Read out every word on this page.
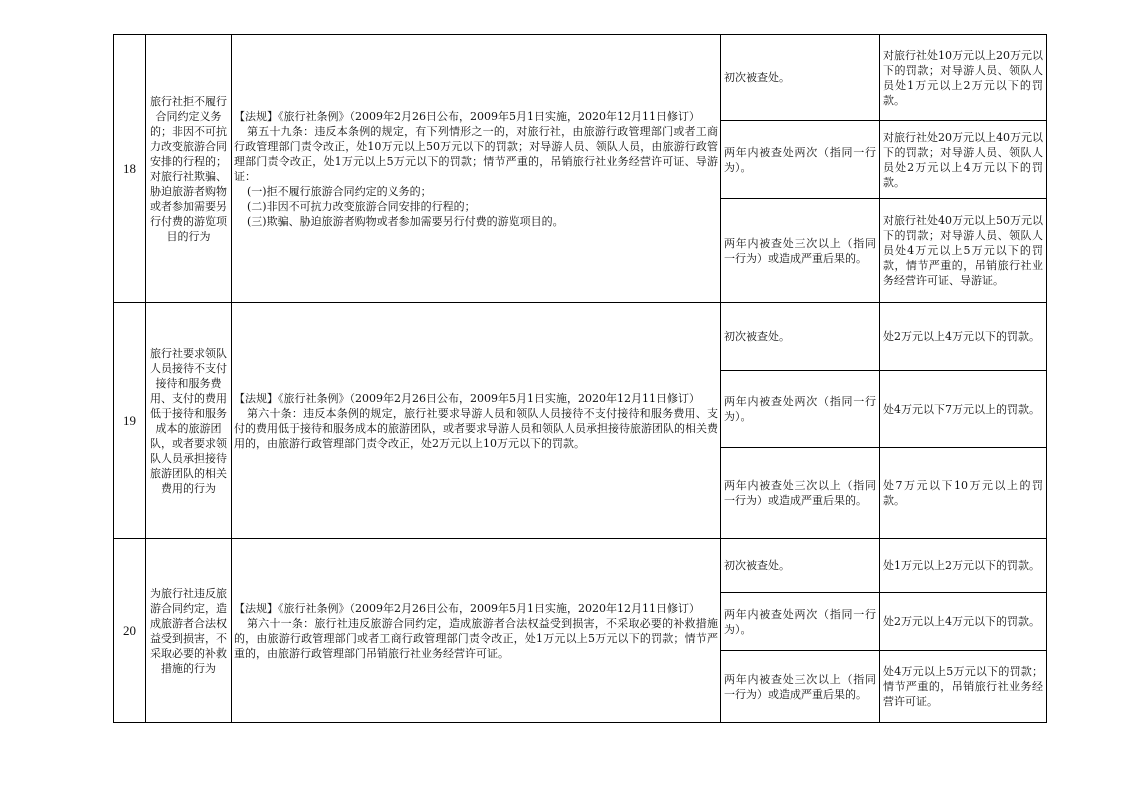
18	旅行社拒不履行合同约定义务的；非因不可抗力改变旅游合同安排的行程的；对旅行社欺骗、胁迫旅游者购物或者参加需要另行付费的游览项目的行为	【法规】《旅行社条例》（2009年2月26日公布，2009年5月1日实施，2020年12月11日修订）

第五十九条：违反本条例的规定，有下列情形之一的，对旅行社，由旅游行政管理部门或者工商行政管理部门责令改正，处10万元以上50万元以下的罚款；对导游人员、领队人员，由旅游行政管理部门责令改正，处1万元以上5万元以下的罚款；情节严重的，吊销旅行社业务经营许可证、导游证：

(一)拒不履行旅游合同约定的义务的；

(二)非因不可抗力改变旅游合同安排的行程的；

(三)欺骗、胁迫旅游者购物或者参加需要另行付费的游览项目的。	初次被查处。	对旅行社处10万元以上20万元以下的罚款；对导游人员、领队人员处1万元以上2万元以下的罚款。
			两年内被查处两次（指同一行为）。	对旅行社处20万元以上40万元以下的罚款；对导游人员、领队人员处2万元以上4万元以下的罚款。
			两年内被查处三次以上（指同一行为）或造成严重后果的。	对旅行社处40万元以上50万元以下的罚款；对导游人员、领队人员处4万元以上5万元以下的罚款，情节严重的，吊销旅行社业务经营许可证、导游证。
19	旅行社要求领队人员接待不支付接待和服务费用、支付的费用低于接待和服务成本的旅游团队，或者要求领队人员承担接待旅游团队的相关费用的行为	【法规】《旅行社条例》（2009年2月26日公布，2009年5月1日实施，2020年12月11日修订）

第六十条：违反本条例的规定，旅行社要求导游人员和领队人员接待不支付接待和服务费用、支付的费用低于接待和服务成本的旅游团队，或者要求导游人员和领队人员承担接待旅游团队的相关费用的，由旅游行政管理部门责令改正，处2万元以上10万元以下的罚款。	初次被查处。	处2万元以上4万元以下的罚款。
			两年内被查处两次（指同一行为）。	处4万元以下7万元以上的罚款。
			两年内被查处三次以上（指同一行为）或造成严重后果的。	处7万元以下10万元以上的罚款。
20	为旅行社违反旅游合同约定，造成旅游者合法权益受到损害，不采取必要的补救措施的行为	【法规】《旅行社条例》（2009年2月26日公布，2009年5月1日实施，2020年12月11日修订）

第六十一条：旅行社违反旅游合同约定，造成旅游者合法权益受到损害，不采取必要的补救措施的，由旅游行政管理部门或者工商行政管理部门责令改正，处1万元以上5万元以下的罚款；情节严重的，由旅游行政管理部门吊销旅行社业务经营许可证。	初次被查处。	处1万元以上2万元以下的罚款。
			两年内被查处两次（指同一行为）。	处2万元以上4万元以下的罚款。
			两年内被查处三次以上（指同一行为）或造成严重后果的。	处4万元以上5万元以下的罚款；情节严重的，吊销旅行社业务经营许可证。
